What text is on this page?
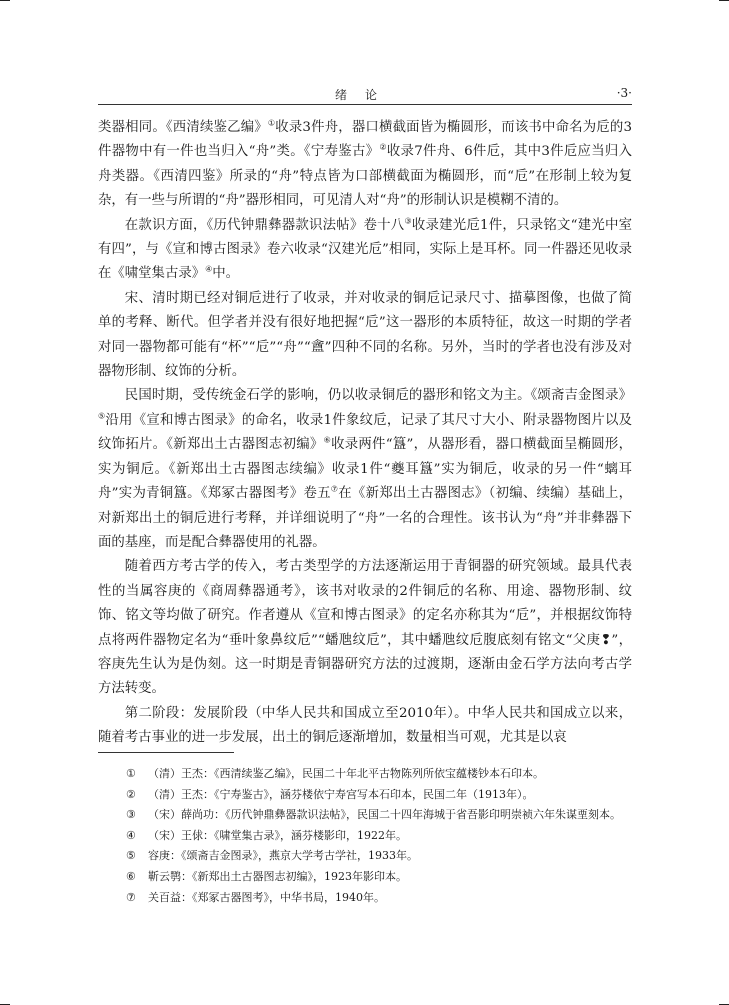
绪论	·3·

类器相同。《西清续鉴乙编》①收录3件舟，器口横截面皆为椭圆形，而该书中命名为卮的3件器物中有一件也当归入“舟”类。《宁寿鉴古》②收录7件舟、6件卮，其中3件卮应当归入舟类器。《西清四鉴》所录的“舟”特点皆为口部横截面为椭圆形，而“卮”在形制上较为复杂，有一些与所谓的“舟”器形相同，可见清人对“舟”的形制认识是模糊不清的。

在款识方面，《历代钟鼎彝器款识法帖》卷十八③收录建光卮1件，只录铭文“建光中室有四”，与《宣和博古图录》卷六收录“汉建光卮”相同，实际上是耳杯。同一件器还见收录在《啸堂集古录》④中。

宋、清时期已经对铜卮进行了收录，并对收录的铜卮记录尺寸、描摹图像，也做了简单的考释、断代。但学者并没有很好地把握“卮”这一器形的本质特征，故这一时期的学者对同一器物都可能有“杯”“卮”“舟”“盦”四种不同的名称。另外，当时的学者也没有涉及对器物形制、纹饰的分析。

民国时期，受传统金石学的影响，仍以收录铜卮的器形和铭文为主。《颂斋吉金图录》⑤沿用《宣和博古图录》的命名，收录1件象纹卮，记录了其尺寸大小、附录器物图片以及纹饰拓片。《新郑出土古器图志初编》⑥收录两件“簋”，从器形看，器口横截面呈椭圆形，实为铜卮。《新郑出土古器图志续编》收录1件“夔耳簋”实为铜卮，收录的另一件“螭耳舟”实为青铜簋。《郑冢古器图考》卷五⑦在《新郑出土古器图志》（初编、续编）基础上，对新郑出土的铜卮进行考释，并详细说明了“舟”一名的合理性。该书认为“舟”并非彝器下面的基座，而是配合彝器使用的礼器。

随着西方考古学的传入，考古类型学的方法逐渐运用于青铜器的研究领域。最具代表性的当属容庚的《商周彝器通考》，该书对收录的2件铜卮的名称、用途、器物形制、纹饰、铭文等均做了研究。作者遵从《宣和博古图录》的定名亦称其为“卮”，并根据纹饰特点将两件器物定名为“垂叶象鼻纹卮”“蟠虺纹卮”，其中蟠虺纹卮腹底刻有铭文“父庚❢”，容庚先生认为是伪刻。这一时期是青铜器研究方法的过渡期，逐渐由金石学方法向考古学方法转变。

第二阶段：发展阶段（中华人民共和国成立至2010年）。中华人民共和国成立以来，随着考古事业的进一步发展，出土的铜卮逐渐增加，数量相当可观，尤其是以哀

① （清）王杰：《西清续鉴乙编》，民国二十年北平古物陈列所依宝蕴楼钞本石印本。
② （清）王杰：《宁寿鉴古》，涵芬楼依宁寿宫写本石印本，民国二年（1913年）。
③ （宋）薛尚功：《历代钟鼎彝器款识法帖》，民国二十四年海城于省吾影印明崇祯六年朱谋垔刻本。
④ （宋）王俅：《啸堂集古录》，涵芬楼影印，1922年。
⑤ 容庚：《颂斋吉金图录》，燕京大学考古学社，1933年。
⑥ 靳云鹗：《新郑出土古器图志初编》，1923年影印本。
⑦ 关百益：《郑冢古器图考》，中华书局，1940年。
